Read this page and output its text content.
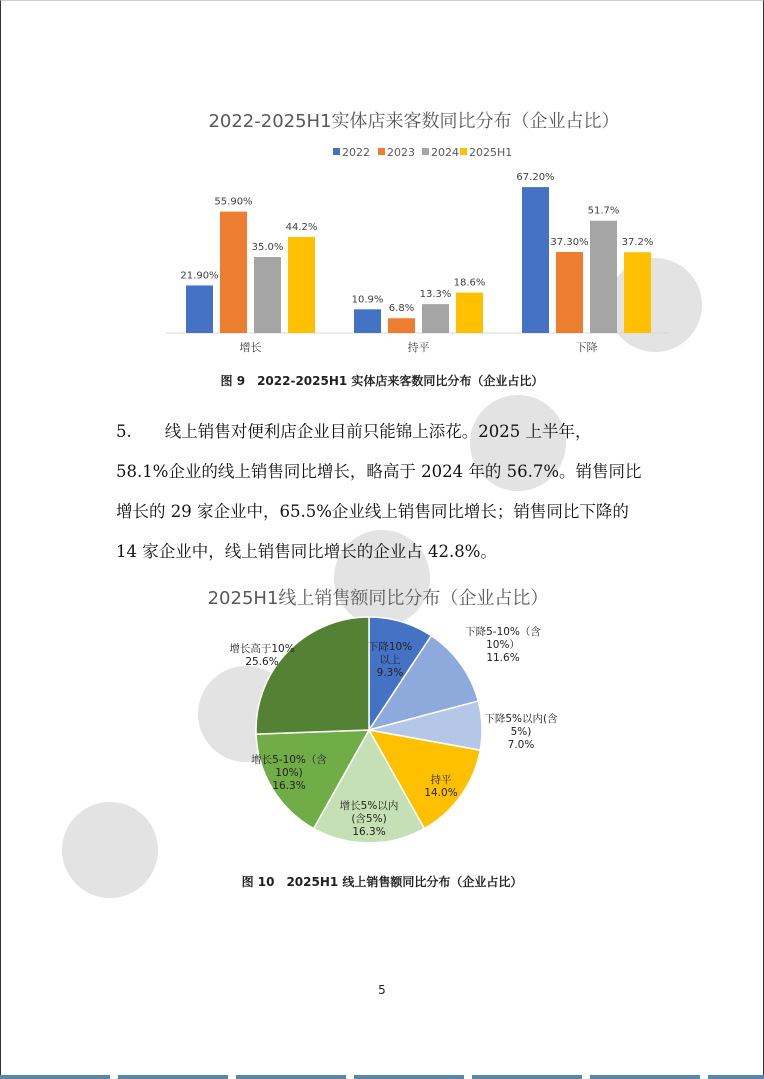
2022-2025H1实体店来客数同比分布（企业占比）
2022 2023 2024 2025H1
21.90%
55.90%
35.0%
44.2%
增长
10.9%
6.8%
13.3%
18.6%
持平
67.20%
37.30%
51.7%
37.2%
下降
图 9　2022-2025H1 实体店来客数同比分布（企业占比）
5.　　线上销售对便利店企业目前只能锦上添花。2025 上半年，
58.1%企业的线上销售同比增长，略高于 2024 年的 56.7%。销售同比
增长的 29 家企业中，65.5%企业线上销售同比增长；销售同比下降的
14 家企业中，线上销售同比增长的企业占 42.8%。
2025H1线上销售额同比分布（企业占比）
下降10%以上 9.3%
下降5-10%（含 10%） 11.6%
下降5%以内(含 5%) 7.0%
持平 14.0%
增长5%以内(含5%) 16.3%
增长5-10%（含 10%) 16.3%
增长高于10% 25.6%
图 10　2025H1 线上销售额同比分布（企业占比）
5
